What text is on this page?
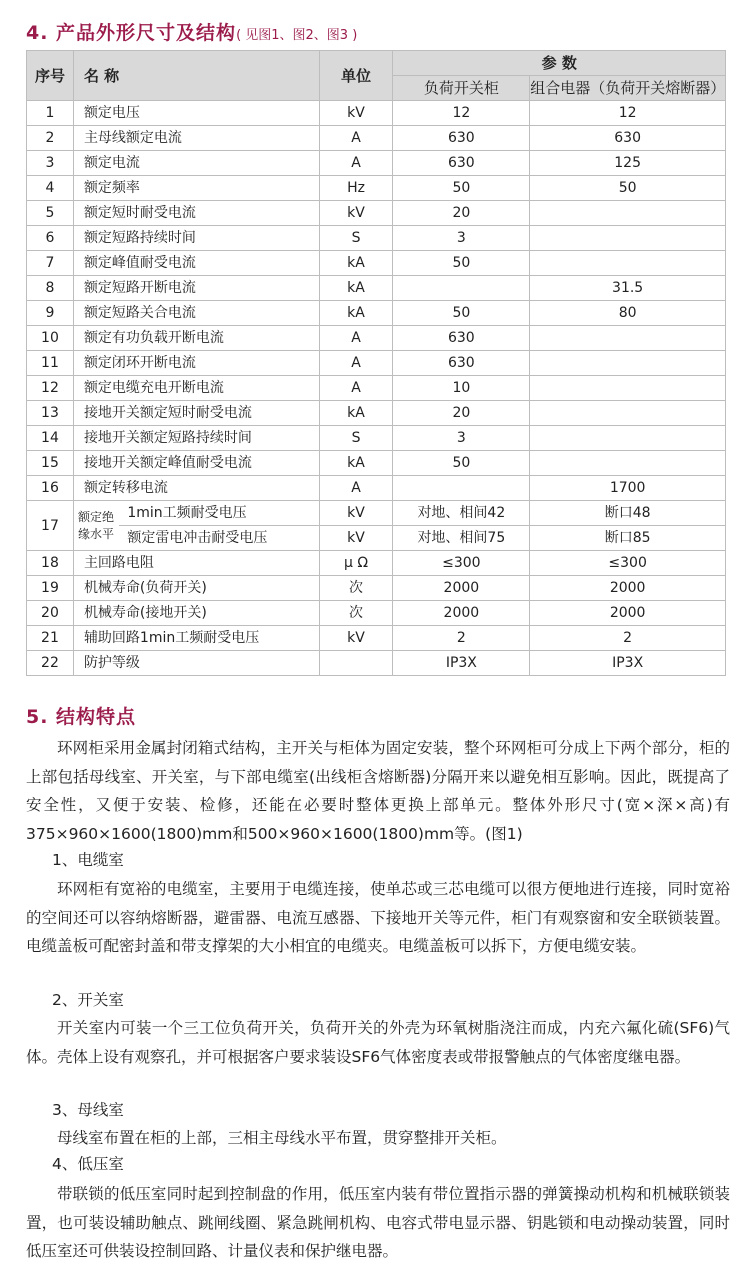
4. 产品外形尺寸及结构( 见图1、图2、图3 )
序号	名 称		单位	参 数	
				负荷开关柜	组合电器（负荷开关熔断器）
1	额定电压		kV	12	12
2	主母线额定电流		A	630	630
3	额定电流		A	630	125
4	额定频率		Hz	50	50
5	额定短时耐受电流		kV	20	
6	额定短路持续时间		S	3	
7	额定峰值耐受电流		kA	50	
8	额定短路开断电流		kA		31.5
9	额定短路关合电流		kA	50	80
10	额定有功负载开断电流		A	630	
11	额定闭环开断电流		A	630	
12	额定电缆充电开断电流		A	10	
13	接地开关额定短时耐受电流		kA	20	
14	接地开关额定短路持续时间		S	3	
15	接地开关额定峰值耐受电流		kA	50	
16	额定转移电流		A		1700
17	额定绝缘水平	1min工频耐受电压	kV	对地、相间42	断口48
		额定雷电冲击耐受电压	kV	对地、相间75	断口85
18	主回路电阻		μ Ω	≤300	≤300
19	机械寿命(负荷开关)		次	2000	2000
20	机械寿命(接地开关)		次	2000	2000
21	辅助回路1min工频耐受电压		kV	2	2
22	防护等级			IP3X	IP3X
5. 结构特点

环网柜采用金属封闭箱式结构，主开关与柜体为固定安装，整个环网柜可分成上下两个部分，柜的上部包括母线室、开关室，与下部电缆室(出线柜含熔断器)分隔开来以避免相互影响。因此，既提高了安全性，又便于安装、检修，还能在必要时整体更换上部单元。整体外形尺寸(宽×深×高)有375×960×1600(1800)mm和500×960×1600(1800)mm等。(图1)

1、电缆室

环网柜有宽裕的电缆室，主要用于电缆连接，使单芯或三芯电缆可以很方便地进行连接，同时宽裕的空间还可以容纳熔断器，避雷器、电流互感器、下接地开关等元件，柜门有观察窗和安全联锁装置。电缆盖板可配密封盖和带支撑架的大小相宜的电缆夹。电缆盖板可以拆下，方便电缆安装。

2、开关室

开关室内可装一个三工位负荷开关，负荷开关的外壳为环氧树脂浇注而成，内充六氟化硫(SF6)气体。壳体上设有观察孔，并可根据客户要求装设SF6气体密度表或带报警触点的气体密度继电器。

3、母线室

母线室布置在柜的上部，三相主母线水平布置，贯穿整排开关柜。

4、低压室

带联锁的低压室同时起到控制盘的作用，低压室内装有带位置指示器的弹簧操动机构和机械联锁装置，也可装设辅助触点、跳闸线圈、紧急跳闸机构、电容式带电显示器、钥匙锁和电动操动装置，同时低压室还可供装设控制回路、计量仪表和保护继电器。
